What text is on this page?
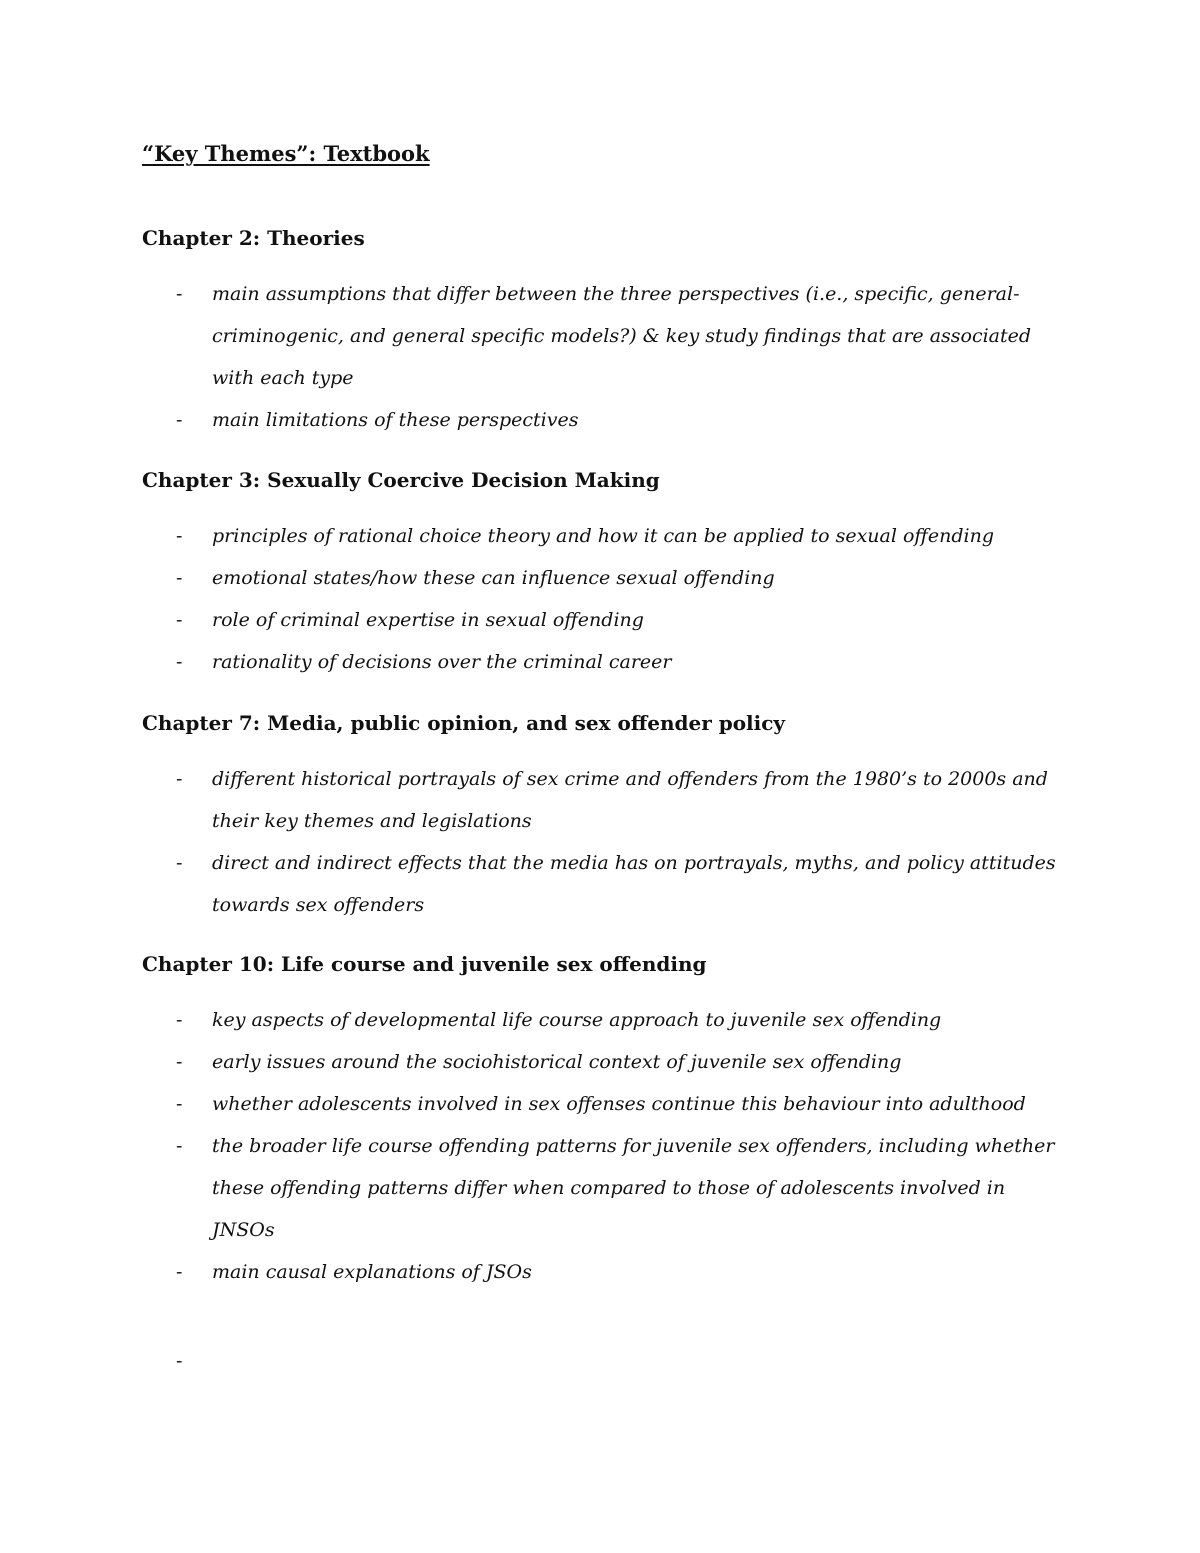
“Key Themes”: Textbook
Chapter 2: Theories
- main assumptions that differ between the three perspectives (i.e., specific, general-criminogenic, and general specific models?) & key study findings that are associated with each type
- main limitations of these perspectives
Chapter 3: Sexually Coercive Decision Making
- principles of rational choice theory and how it can be applied to sexual offending
- emotional states/how these can influence sexual offending
- role of criminal expertise in sexual offending
- rationality of decisions over the criminal career
Chapter 7: Media, public opinion, and sex offender policy
- different historical portrayals of sex crime and offenders from the 1980’s to 2000s and their key themes and legislations
- direct and indirect effects that the media has on portrayals, myths, and policy attitudes towards sex offenders
Chapter 10: Life course and juvenile sex offending
- key aspects of developmental life course approach to juvenile sex offending
- early issues around the sociohistorical context of juvenile sex offending
- whether adolescents involved in sex offenses continue this behaviour into adulthood
- the broader life course offending patterns for juvenile sex offenders, including whether these offending patterns differ when compared to those of adolescents involved in JNSOs
- main causal explanations of JSOs
-
